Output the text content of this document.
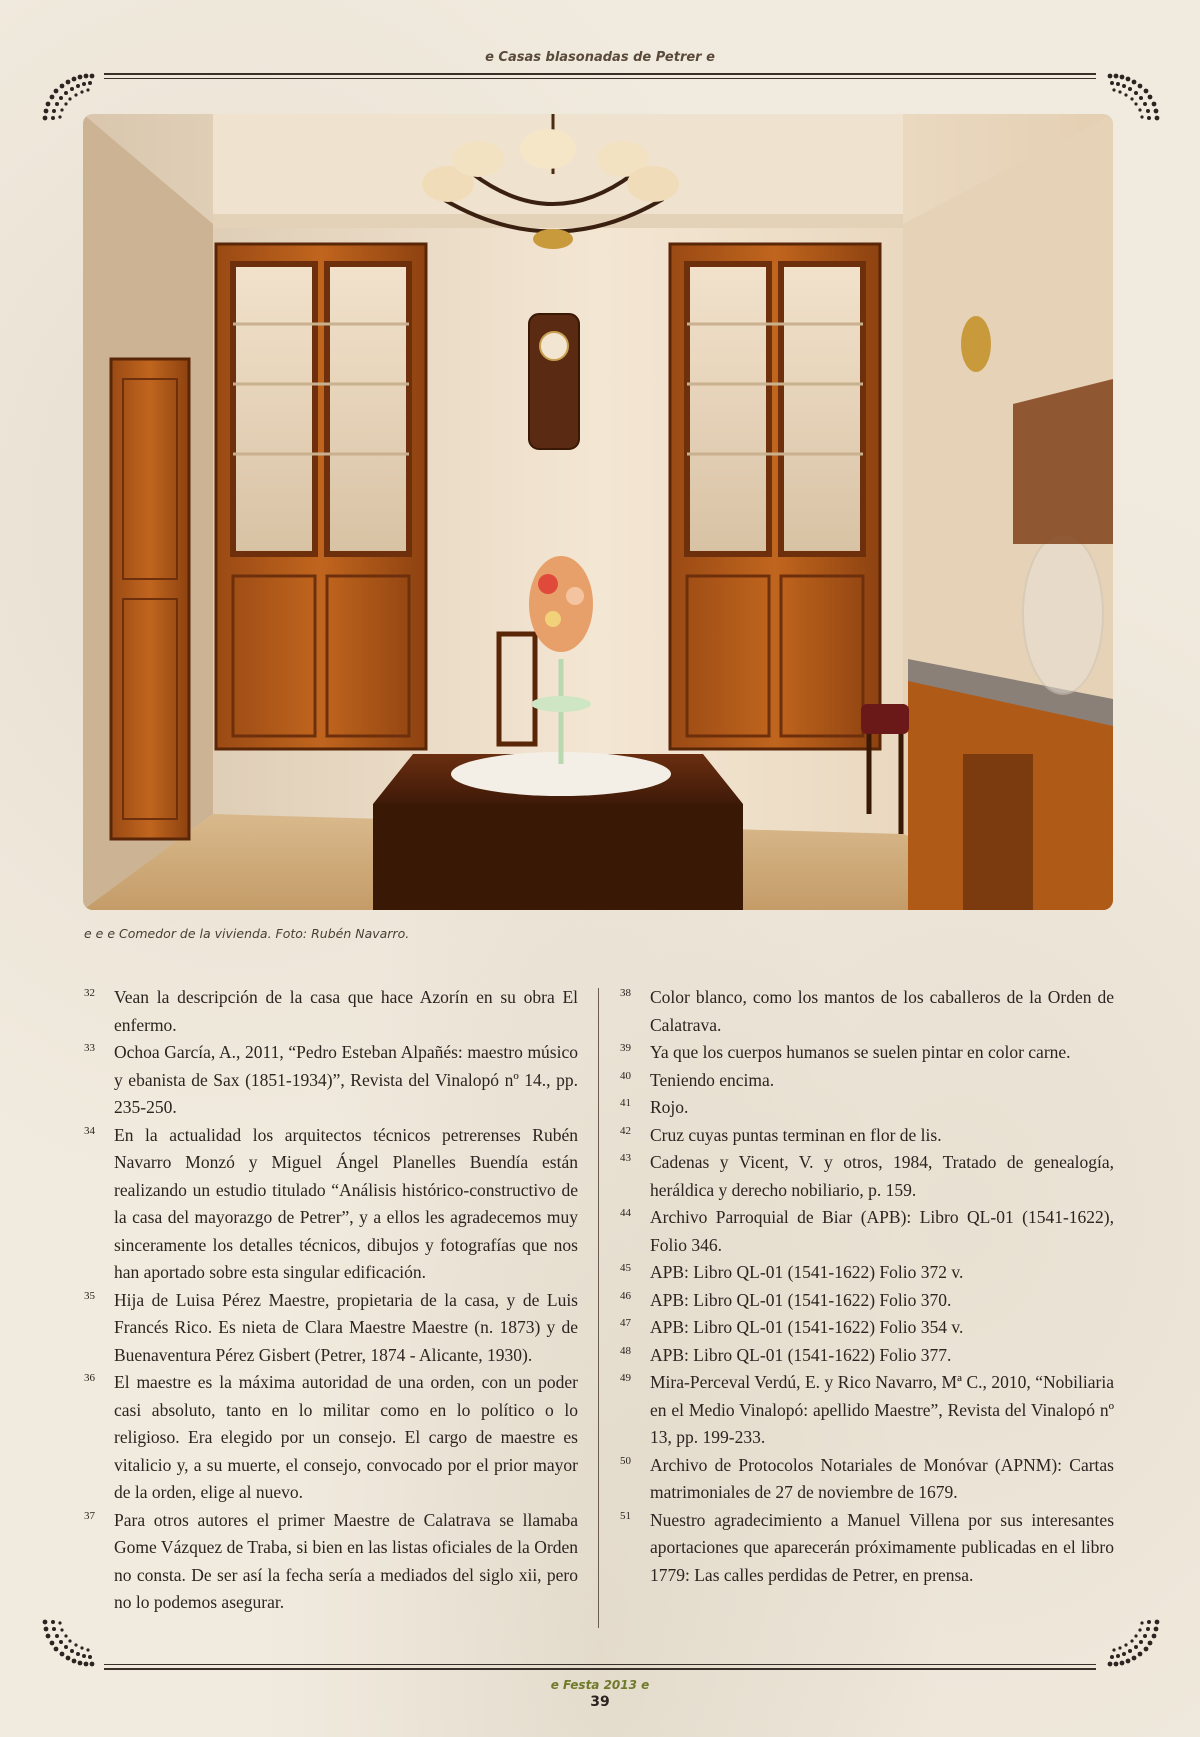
e Casas blasonadas de Petrer e
e e e Comedor de la vivienda. Foto: Rubén Navarro.

32 Vean la descripción de la casa que hace Azorín en su obra El enfermo.

33 Ochoa García, A., 2011, “Pedro Esteban Alpañés: maestro músico y ebanista de Sax (1851-1934)”, Revista del Vinalopó nº 14., pp. 235-250.

34 En la actualidad los arquitectos técnicos petrerenses Rubén Navarro Monzó y Miguel Ángel Planelles Buendía están realizando un estudio titulado “Análisis histórico-constructivo de la casa del mayorazgo de Petrer”, y a ellos les agradecemos muy sinceramente los detalles técnicos, dibujos y fotografías que nos han aportado sobre esta singular edificación.

35 Hija de Luisa Pérez Maestre, propietaria de la casa, y de Luis Francés Rico. Es nieta de Clara Maestre Maestre (n. 1873) y de Buenaventura Pérez Gisbert (Petrer, 1874 - Alicante, 1930).

36 El maestre es la máxima autoridad de una orden, con un poder casi absoluto, tanto en lo militar como en lo político o lo religioso. Era elegido por un consejo. El cargo de maestre es vitalicio y, a su muerte, el consejo, convocado por el prior mayor de la orden, elige al nuevo.

37 Para otros autores el primer Maestre de Calatrava se llamaba Gome Vázquez de Traba, si bien en las listas oficiales de la Orden no consta. De ser así la fecha sería a mediados del siglo xii, pero no lo podemos asegurar.

38 Color blanco, como los mantos de los caballeros de la Orden de Calatrava.

39 Ya que los cuerpos humanos se suelen pintar en color carne.

40 Teniendo encima.

41 Rojo.

42 Cruz cuyas puntas terminan en flor de lis.

43 Cadenas y Vicent, V. y otros, 1984, Tratado de genealogía, heráldica y derecho nobiliario, p. 159.

44 Archivo Parroquial de Biar (APB): Libro QL-01 (1541-1622), Folio 346.

45 APB: Libro QL-01 (1541-1622) Folio 372 v.

46 APB: Libro QL-01 (1541-1622) Folio 370.

47 APB: Libro QL-01 (1541-1622) Folio 354 v.

48 APB: Libro QL-01 (1541-1622) Folio 377.

49 Mira-Perceval Verdú, E. y Rico Navarro, Mª C., 2010, “Nobiliaria en el Medio Vinalopó: apellido Maestre”, Revista del Vinalopó nº 13, pp. 199-233.

50 Archivo de Protocolos Notariales de Monóvar (APNM): Cartas matrimoniales de 27 de noviembre de 1679.

51 Nuestro agradecimiento a Manuel Villena por sus interesantes aportaciones que aparecerán próximamente publicadas en el libro 1779: Las calles perdidas de Petrer, en prensa.

e Festa 2013 e
39
